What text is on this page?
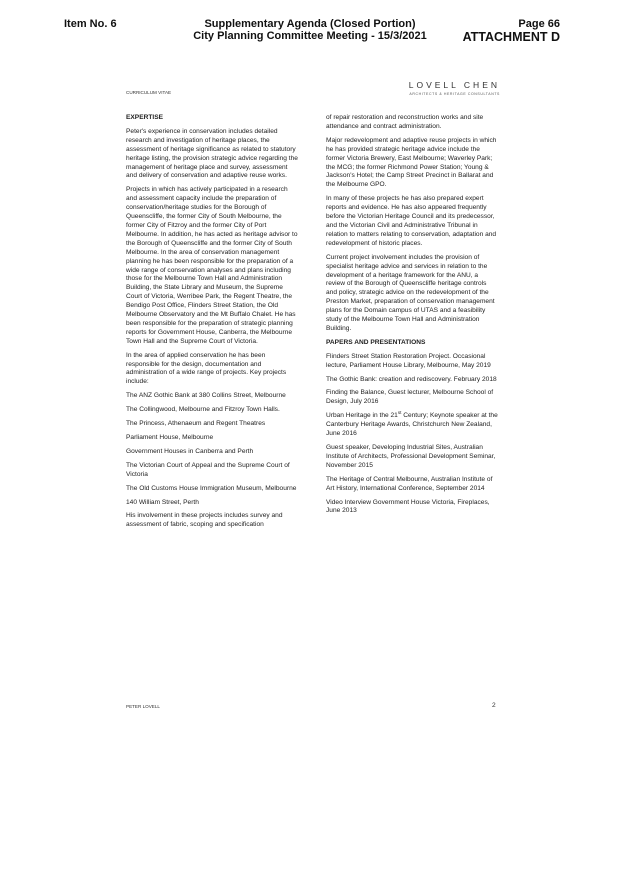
Item No. 6	Supplementary Agenda (Closed Portion)
City Planning Committee Meeting - 15/3/2021
Page 66
ATTACHMENT D
LOVELL CHEN
ARCHITECTS & HERITAGE CONSULTANTS
CURRICULUM VITAE
EXPERTISE

Peter's experience in conservation includes detailed research and investigation of heritage places, the assessment of heritage significance as related to statutory heritage listing, the provision strategic advice regarding the management of heritage place and survey, assessment and delivery of conservation and adaptive reuse works.

Projects in which has actively participated in a research and assessment capacity include the preparation of conservation/heritage studies for the Borough of Queenscliffe, the former City of South Melbourne, the former City of Fitzroy and the former City of Port Melbourne. In addition, he has acted as heritage advisor to the Borough of Queenscliffe and the former City of South Melbourne. In the area of conservation management planning he has been responsible for the preparation of a wide range of conservation analyses and plans including those for the Melbourne Town Hall and Administration Building, the State Library and Museum, the Supreme Court of Victoria, Werribee Park, the Regent Theatre, the Bendigo Post Office, Flinders Street Station, the Old Melbourne Observatory and the Mt Buffalo Chalet. He has been responsible for the preparation of strategic planning reports for Government House, Canberra, the Melbourne Town Hall and the Supreme Court of Victoria.

In the area of applied conservation he has been responsible for the design, documentation and administration of a wide range of projects. Key projects include:

The ANZ Gothic Bank at 380 Collins Street, Melbourne

The Collingwood, Melbourne and Fitzroy Town Halls.

The Princess, Athenaeum and Regent Theatres

Parliament House, Melbourne

Government Houses in Canberra and Perth

The Victorian Court of Appeal and the Supreme Court of Victoria

The Old Customs House Immigration Museum, Melbourne

140 William Street, Perth

His involvement in these projects includes survey and assessment of fabric, scoping and specification

of repair restoration and reconstruction works and site attendance and contract administration.

Major redevelopment and adaptive reuse projects in which he has provided strategic heritage advice include the former Victoria Brewery, East Melbourne; Waverley Park; the MCG; the former Richmond Power Station; Young & Jackson's Hotel; the Camp Street Precinct in Ballarat and the Melbourne GPO.

In many of these projects he has also prepared expert reports and evidence. He has also appeared frequently before the Victorian Heritage Council and its predecessor, and the Victorian Civil and Administrative Tribunal in relation to matters relating to conservation, adaptation and redevelopment of historic places.

Current project involvement includes the provision of specialist heritage advice and services in relation to the development of a heritage framework for the ANU, a review of the Borough of Queenscliffe heritage controls and policy, strategic advice on the redevelopment of the Preston Market, preparation of conservation management plans for the Domain campus of UTAS and a feasibility study of the Melbourne Town Hall and Administration Building.

PAPERS AND PRESENTATIONS

Flinders Street Station Restoration Project. Occasional lecture, Parliament House Library, Melbourne, May 2019

The Gothic Bank: creation and rediscovery. February 2018

Finding the Balance, Guest lecturer, Melbourne School of Design, July 2016

Urban Heritage in the 21st Century; Keynote speaker at the Canterbury Heritage Awards, Christchurch New Zealand, June 2016

Guest speaker, Developing Industrial Sites, Australian Institute of Architects, Professional Development Seminar, November 2015

The Heritage of Central Melbourne, Australian Institute of Art History, International Conference, September 2014

Video Interview Government House Victoria, Fireplaces, June 2013

PETER LOVELL	2
